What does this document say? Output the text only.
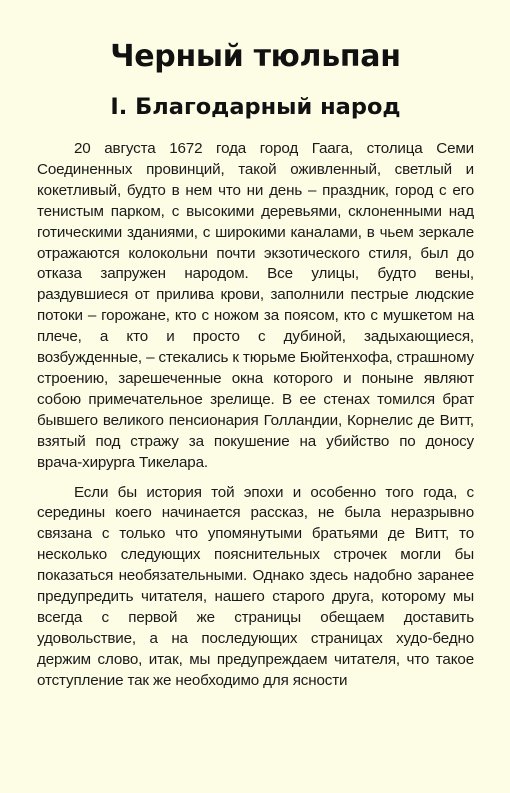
Черный тюльпан
I. Благодарный народ

20 августа 1672 года город Гаага, столица Семи Соединенных провинций, такой оживленный, светлый и кокетливый, будто в нем что ни день – праздник, город с его тенистым парком, с высокими деревьями, склоненными над готическими зданиями, с широкими каналами, в чьем зеркале отражаются колокольни почти экзотического стиля, был до отказа запружен народом. Все улицы, будто вены, раздувшиеся от прилива крови, заполнили пестрые людские потоки – горожане, кто с ножом за поясом, кто с мушкетом на плече, а кто и просто с дубиной, задыхающиеся, возбужденные, – стекались к тюрьме Бюйтенхофа, страшному строению, зарешеченные окна которого и поныне являют собою примечательное зрелище. В ее стенах томился брат бывшего великого пенсионария Голландии, Корнелис де Витт, взятый под стражу за покушение на убийство по доносу врача-хирурга Тикелара.

Если бы история той эпохи и особенно того года, с середины коего начинается рассказ, не была неразрывно связана с только что упомянутыми братьями де Витт, то несколько следующих пояснительных строчек могли бы показаться необязательными. Однако здесь надобно заранее предупредить читателя, нашего старого друга, которому мы всегда с первой же страницы обещаем доставить удовольствие, а на последующих страницах худо-бедно держим слово, итак, мы предупреждаем читателя, что такое отступление так же необходимо для ясности
